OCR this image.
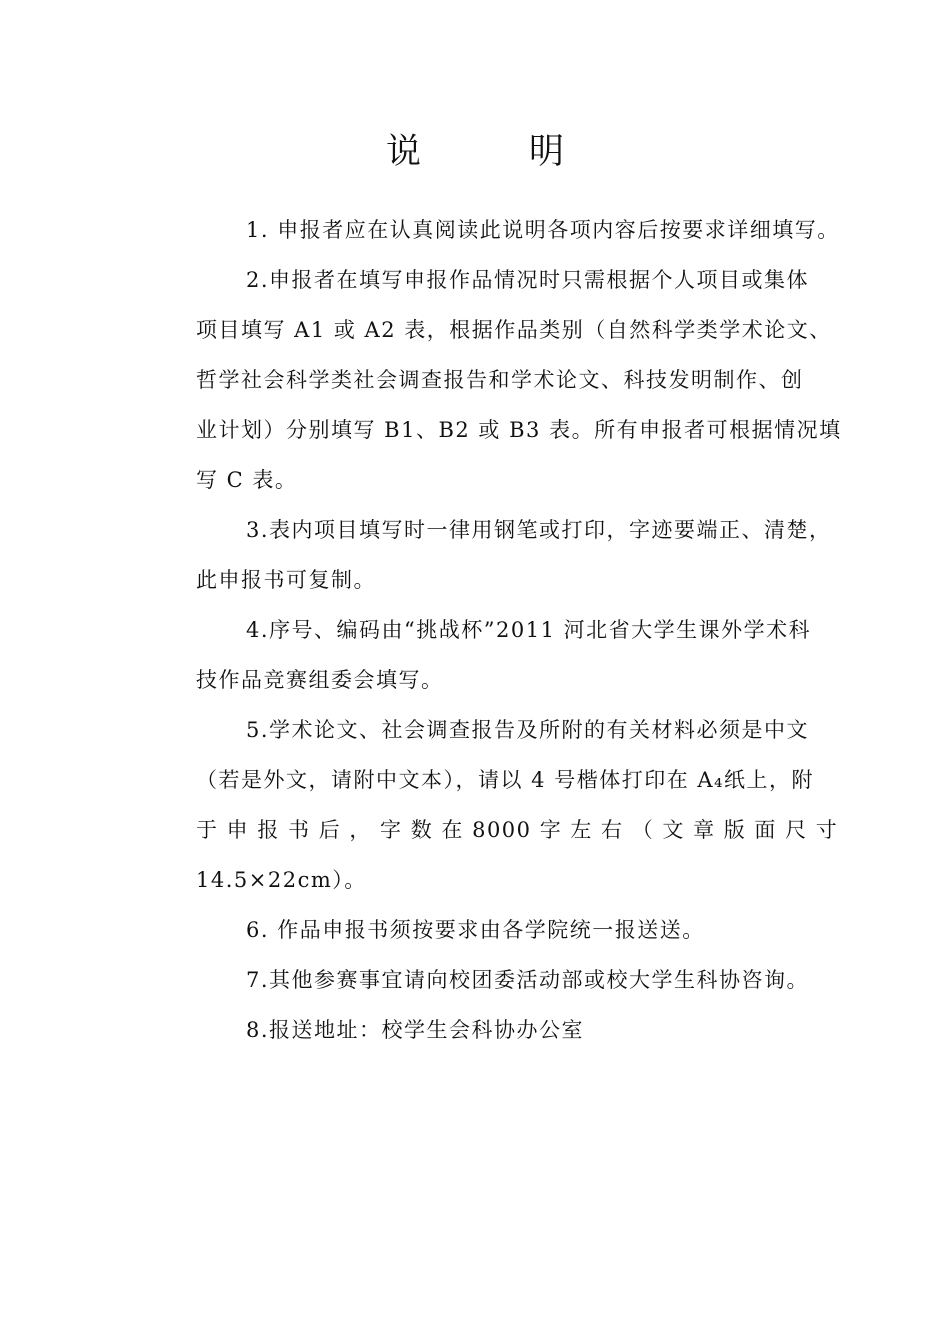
说	明
1. 申报者应在认真阅读此说明各项内容后按要求详细填写。
2.申报者在填写申报作品情况时只需根据个人项目或集体
项目填写 A1 或 A2 表，根据作品类别（自然科学类学术论文、
哲学社会科学类社会调查报告和学术论文、科技发明制作、创
业计划）分别填写 B1、B2 或 B3 表。所有申报者可根据情况填
写 C 表。
3.表内项目填写时一律用钢笔或打印，字迹要端正、清楚，
此申报书可复制。
4.序号、编码由“挑战杯”2011 河北省大学生课外学术科
技作品竞赛组委会填写。
5.学术论文、社会调查报告及所附的有关材料必须是中文
（若是外文，请附中文本），请以 4 号楷体打印在 A₄纸上，附
于 申 报 书 后 ， 字 数 在 8000 字 左 右 （ 文 章 版 面 尺 寸
14.5×22cm）。
6. 作品申报书须按要求由各学院统一报送送。
7.其他参赛事宜请向校团委活动部或校大学生科协咨询。
8.报送地址：校学生会科协办公室
